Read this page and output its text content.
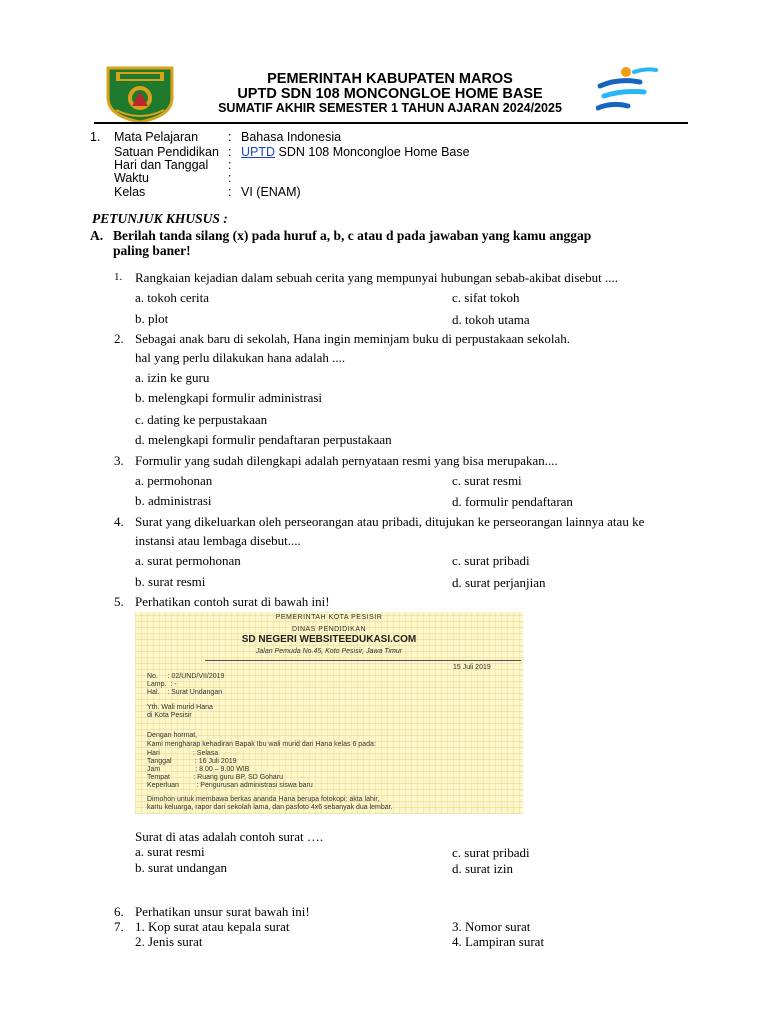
PEMERINTAH KABUPATEN MAROS
UPTD SDN 108 MONCONGLOE HOME BASE
SUMATIF AKHIR SEMESTER 1 TAHUN AJARAN 2024/2025
1. Mata Pelajaran : Bahasa Indonesia
Satuan Pendidikan : UPTD SDN 108 Moncongloe Home Base
Hari dan Tanggal :
Waktu	:
Kelas	: VI (ENAM)
PETUNJUK KHUSUS :
A. Berilah tanda silang (x) pada huruf a, b, c atau d pada jawaban yang kamu anggap
paling baner!
1. Rangkaian kejadian dalam sebuah cerita yang mempunyai hubungan sebab-akibat disebut ....
a. tokoh cerita	c. sifat tokoh
b. plot	d. tokoh utama
2. Sebagai anak baru di sekolah, Hana ingin meminjam buku di perpustakaan sekolah.
hal yang perlu dilakukan hana adalah ....
a. izin ke guru
b. melengkapi formulir administrasi
c. dating ke perpustakaan
d. melengkapi formulir pendaftaran perpustakaan
3. Formulir yang sudah dilengkapi adalah pernyataan resmi yang bisa merupakan....
a. permohonan	c. surat resmi
b. administrasi	d. formulir pendaftaran
4. Surat yang dikeluarkan oleh perseorangan atau pribadi, ditujukan ke perseorangan lainnya atau ke
instansi atau lembaga disebut....
a. surat permohonan	c. surat pribadi
b. surat resmi	d. surat perjanjian
5. Perhatikan contoh surat di bawah ini!
PEMERINTAH KOTA PESISIR
DINAS PENDIDIKAN
SD NEGERI WEBSITEEDUKASI.COM
Jalan Pemuda No.45, Koto Pesisir, Jawa Timur
15 Juli 2019
No.     : 02/UND/VII/2019
Lamp.  : -
Hal.    : Surat Undangan
Yth. Wali murid Hana
di Kota Pesisir
Dengan hormat,
Kami mengharap kehadiran Bapak Ibu wali murid dari Hana kelas 6 pada:
Hari                 : Selasa
Tanggal            : 16 Juli 2019
Jam                  : 8.00 – 9.00 WIB
Tempat            : Ruang guru BP, SD Goharu
Keperluan         : Pengurusan administrasi siswa baru
Dimohon untuk membawa berkas ananda Hana berupa fotokopi: akta lahir,
kartu keluarga, rapor dari sekolah lama, dan pasfoto 4x6 sebanyak dua lembar.
Surat di atas adalah contoh surat ….
a. surat resmi	c. surat pribadi
b. surat undangan	d. surat izin
6. Perhatikan unsur surat bawah ini!
7. 1. Kop surat atau kepala surat	3. Nomor surat
2. Jenis surat	4. Lampiran surat
